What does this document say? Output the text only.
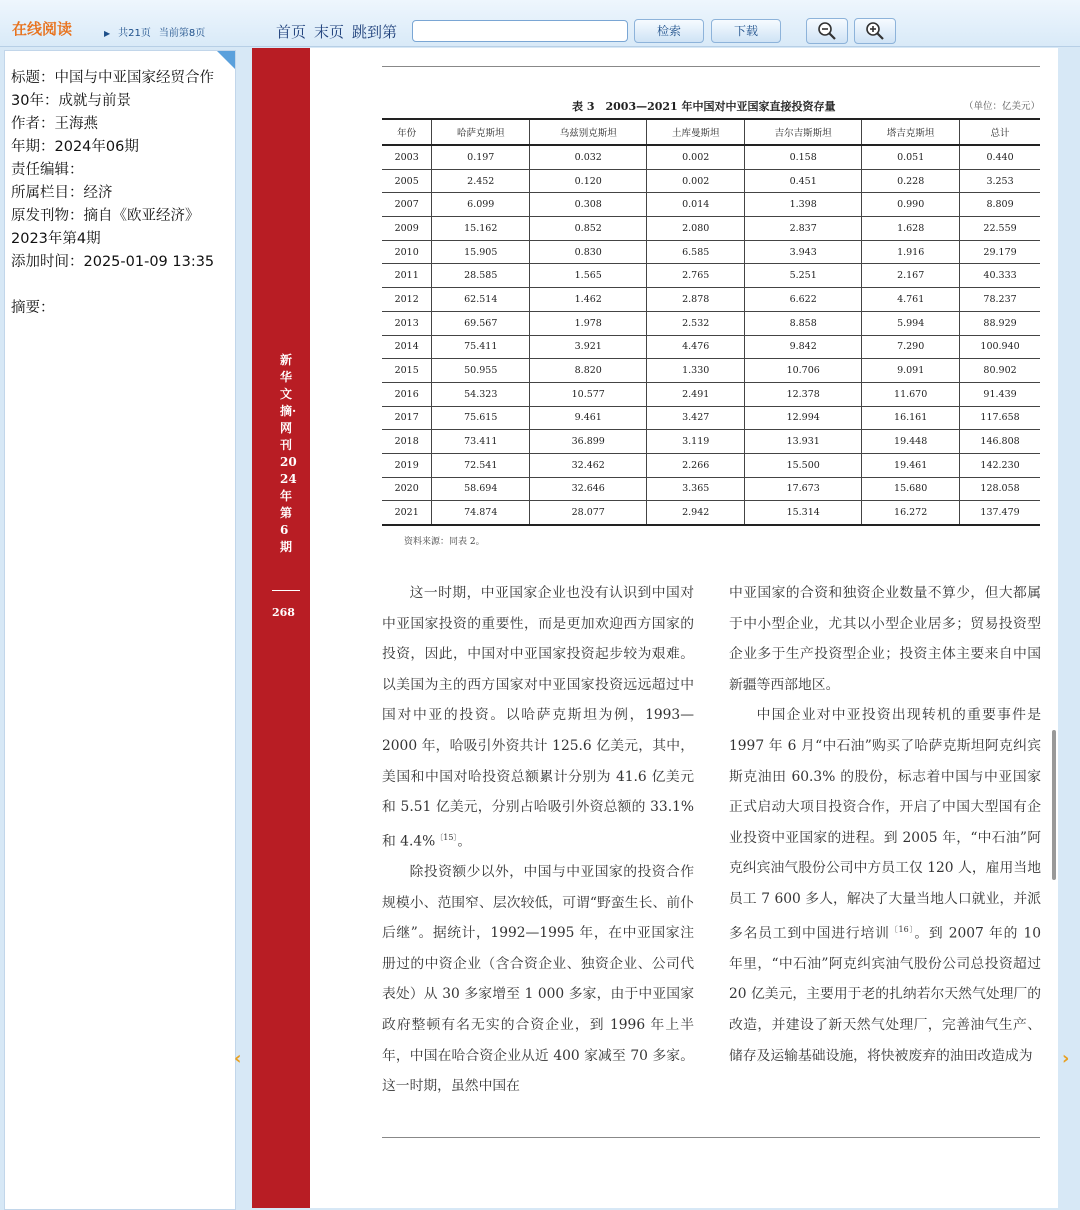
在线阅读	▶ 共21页 当前第8页	首页 末页 跳到第	检索	下载
标题：中国与中亚国家经贸合作
30年：成就与前景
作者：王海燕
年期：2024年06期
责任编辑：
所属栏目：经济
原发刊物：摘自《欧亚经济》
2023年第4期
添加时间：2025-01-09 13:35
摘要：
‹	›
新华文摘·网刊2024年第6期
268
表 3　2003—2021 年中国对中亚国家直接投资存量	（单位：亿美元）
年份	哈萨克斯坦	乌兹别克斯坦	土库曼斯坦	吉尔吉斯斯坦	塔吉克斯坦	总计
2003	0.197	0.032	0.002	0.158	0.051	0.440
2005	2.452	0.120	0.002	0.451	0.228	3.253
2007	6.099	0.308	0.014	1.398	0.990	8.809
2009	15.162	0.852	2.080	2.837	1.628	22.559
2010	15.905	0.830	6.585	3.943	1.916	29.179
2011	28.585	1.565	2.765	5.251	2.167	40.333
2012	62.514	1.462	2.878	6.622	4.761	78.237
2013	69.567	1.978	2.532	8.858	5.994	88.929
2014	75.411	3.921	4.476	9.842	7.290	100.940
2015	50.955	8.820	1.330	10.706	9.091	80.902
2016	54.323	10.577	2.491	12.378	11.670	91.439
2017	75.615	9.461	3.427	12.994	16.161	117.658
2018	73.411	36.899	3.119	13.931	19.448	146.808
2019	72.541	32.462	2.266	15.500	19.461	142.230
2020	58.694	32.646	3.365	17.673	15.680	128.058
2021	74.874	28.077	2.942	15.314	16.272	137.479
资料来源：同表 2。

这一时期，中亚国家企业也没有认识到中国对中亚国家投资的重要性，而是更加欢迎西方国家的投资，因此，中国对中亚国家投资起步较为艰难。以美国为主的西方国家对中亚国家投资远远超过中国对中亚的投资。以哈萨克斯坦为例，1993—2000 年，哈吸引外资共计 125.6 亿美元，其中，美国和中国对哈投资总额累计分别为 41.6 亿美元和 5.51 亿美元，分别占哈吸引外资总额的 33.1% 和 4.4%$^{〔15〕}$。

除投资额少以外，中国与中亚国家的投资合作规模小、范围窄、层次较低，可谓“野蛮生长、前仆后继”。据统计，1992—1995 年，在中亚国家注册过的中资企业（含合资企业、独资企业、公司代表处）从 30 多家增至 1 000 多家，由于中亚国家政府整顿有名无实的合资企业，到 1996 年上半年，中国在哈合资企业从近 400 家减至 70 多家。这一时期，虽然中国在

中亚国家的合资和独资企业数量不算少，但大都属于中小型企业，尤其以小型企业居多；贸易投资型企业多于生产投资型企业；投资主体主要来自中国新疆等西部地区。

中国企业对中亚投资出现转机的重要事件是 1997 年 6 月“中石油”购买了哈萨克斯坦阿克纠宾斯克油田 60.3% 的股份，标志着中国与中亚国家正式启动大项目投资合作，开启了中国大型国有企业投资中亚国家的进程。到 2005 年，“中石油”阿克纠宾油气股份公司中方员工仅 120 人，雇用当地员工 7 600 多人，解决了大量当地人口就业，并派多名员工到中国进行培训$^{〔16〕}$。到 2007 年的 10 年里，“中石油”阿克纠宾油气股份公司总投资超过 20 亿美元，主要用于老的扎纳若尔天然气处理厂的改造，并建设了新天然气处理厂，完善油气生产、储存及运输基础设施，将快被废弃的油田改造成为
